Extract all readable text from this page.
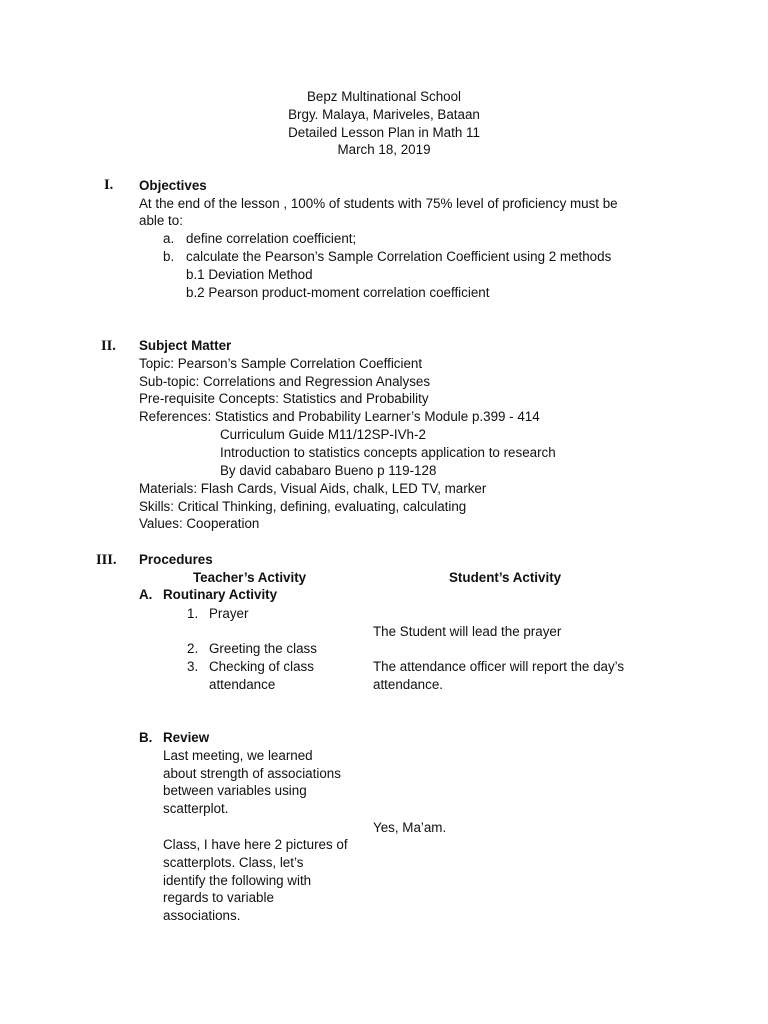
Bepz Multinational School
Brgy. Malaya, Mariveles, Bataan
Detailed Lesson Plan in Math 11
March 18, 2019
I. Objectives
At the end of the lesson , 100% of students with 75% level of proficiency must be
able to:
a. define correlation coefficient;
b. calculate the Pearson’s Sample Correlation Coefficient using 2 methods
b.1 Deviation Method
b.2 Pearson product-moment correlation coefficient
II. Subject Matter
Topic: Pearson’s Sample Correlation Coefficient
Sub-topic: Correlations and Regression Analyses
Pre-requisite Concepts: Statistics and Probability
References: Statistics and Probability Learner’s Module p.399 - 414
Curriculum Guide M11/12SP-IVh-2
Introduction to statistics concepts application to research
By david cababaro Bueno p 119-128
Materials: Flash Cards, Visual Aids, chalk, LED TV, marker
Skills: Critical Thinking, defining, evaluating, calculating
Values: Cooperation
III. Procedures
Teacher’s Activity	Student’s Activity
A. Routinary Activity
1. Prayer
The Student will lead the prayer
2. Greeting the class
3. Checking of class
attendance
The attendance officer will report the day’s
attendance.
B. Review
Last meeting, we learned
about strength of associations
between variables using
scatterplot.
Yes, Ma’am.
Class, I have here 2 pictures of
scatterplots. Class, let’s
identify the following with
regards to variable
associations.
